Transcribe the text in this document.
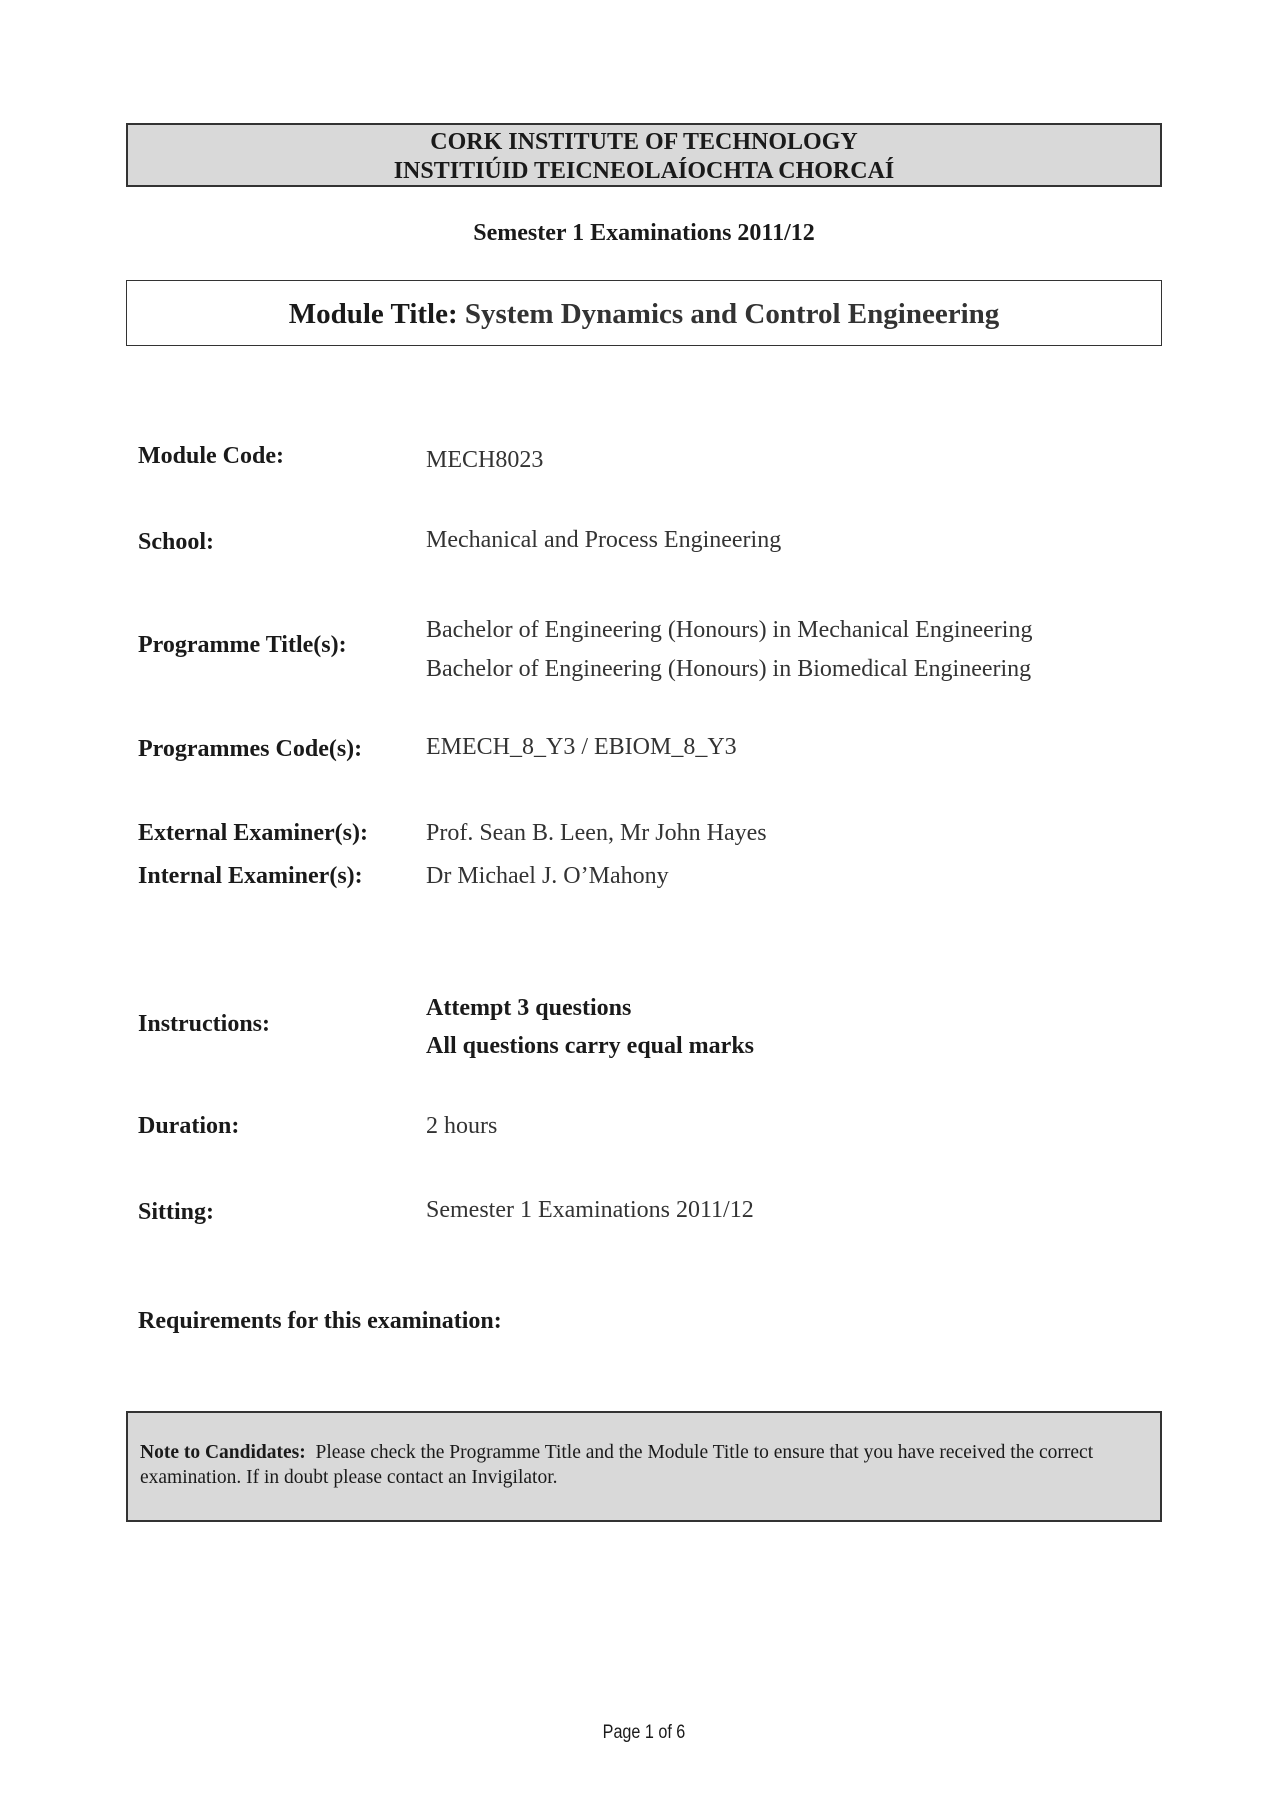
CORK INSTITUTE OF TECHNOLOGY
INSTITIÚID TEICNEOLAÍOCHTA CHORCAÍ
Semester 1 Examinations 2011/12
Module Title: System Dynamics and Control Engineering
Module Code:	MECH8023
School:	Mechanical and Process Engineering
Programme Title(s):
Bachelor of Engineering (Honours) in Mechanical Engineering
Bachelor of Engineering (Honours) in Biomedical Engineering
Programmes Code(s):	EMECH_8_Y3 / EBIOM_8_Y3
External Examiner(s): Prof. Sean B. Leen, Mr John Hayes
Internal Examiner(s):	Dr Michael J. O’Mahony
Instructions:
Attempt 3 questions
All questions carry equal marks
Duration:	2 hours
Sitting:	Semester 1 Examinations 2011/12
Requirements for this examination:
Note to Candidates: Please check the Programme Title and the Module Title to ensure that you have received the correct examination. If in doubt please contact an Invigilator.
Page 1 of 6
